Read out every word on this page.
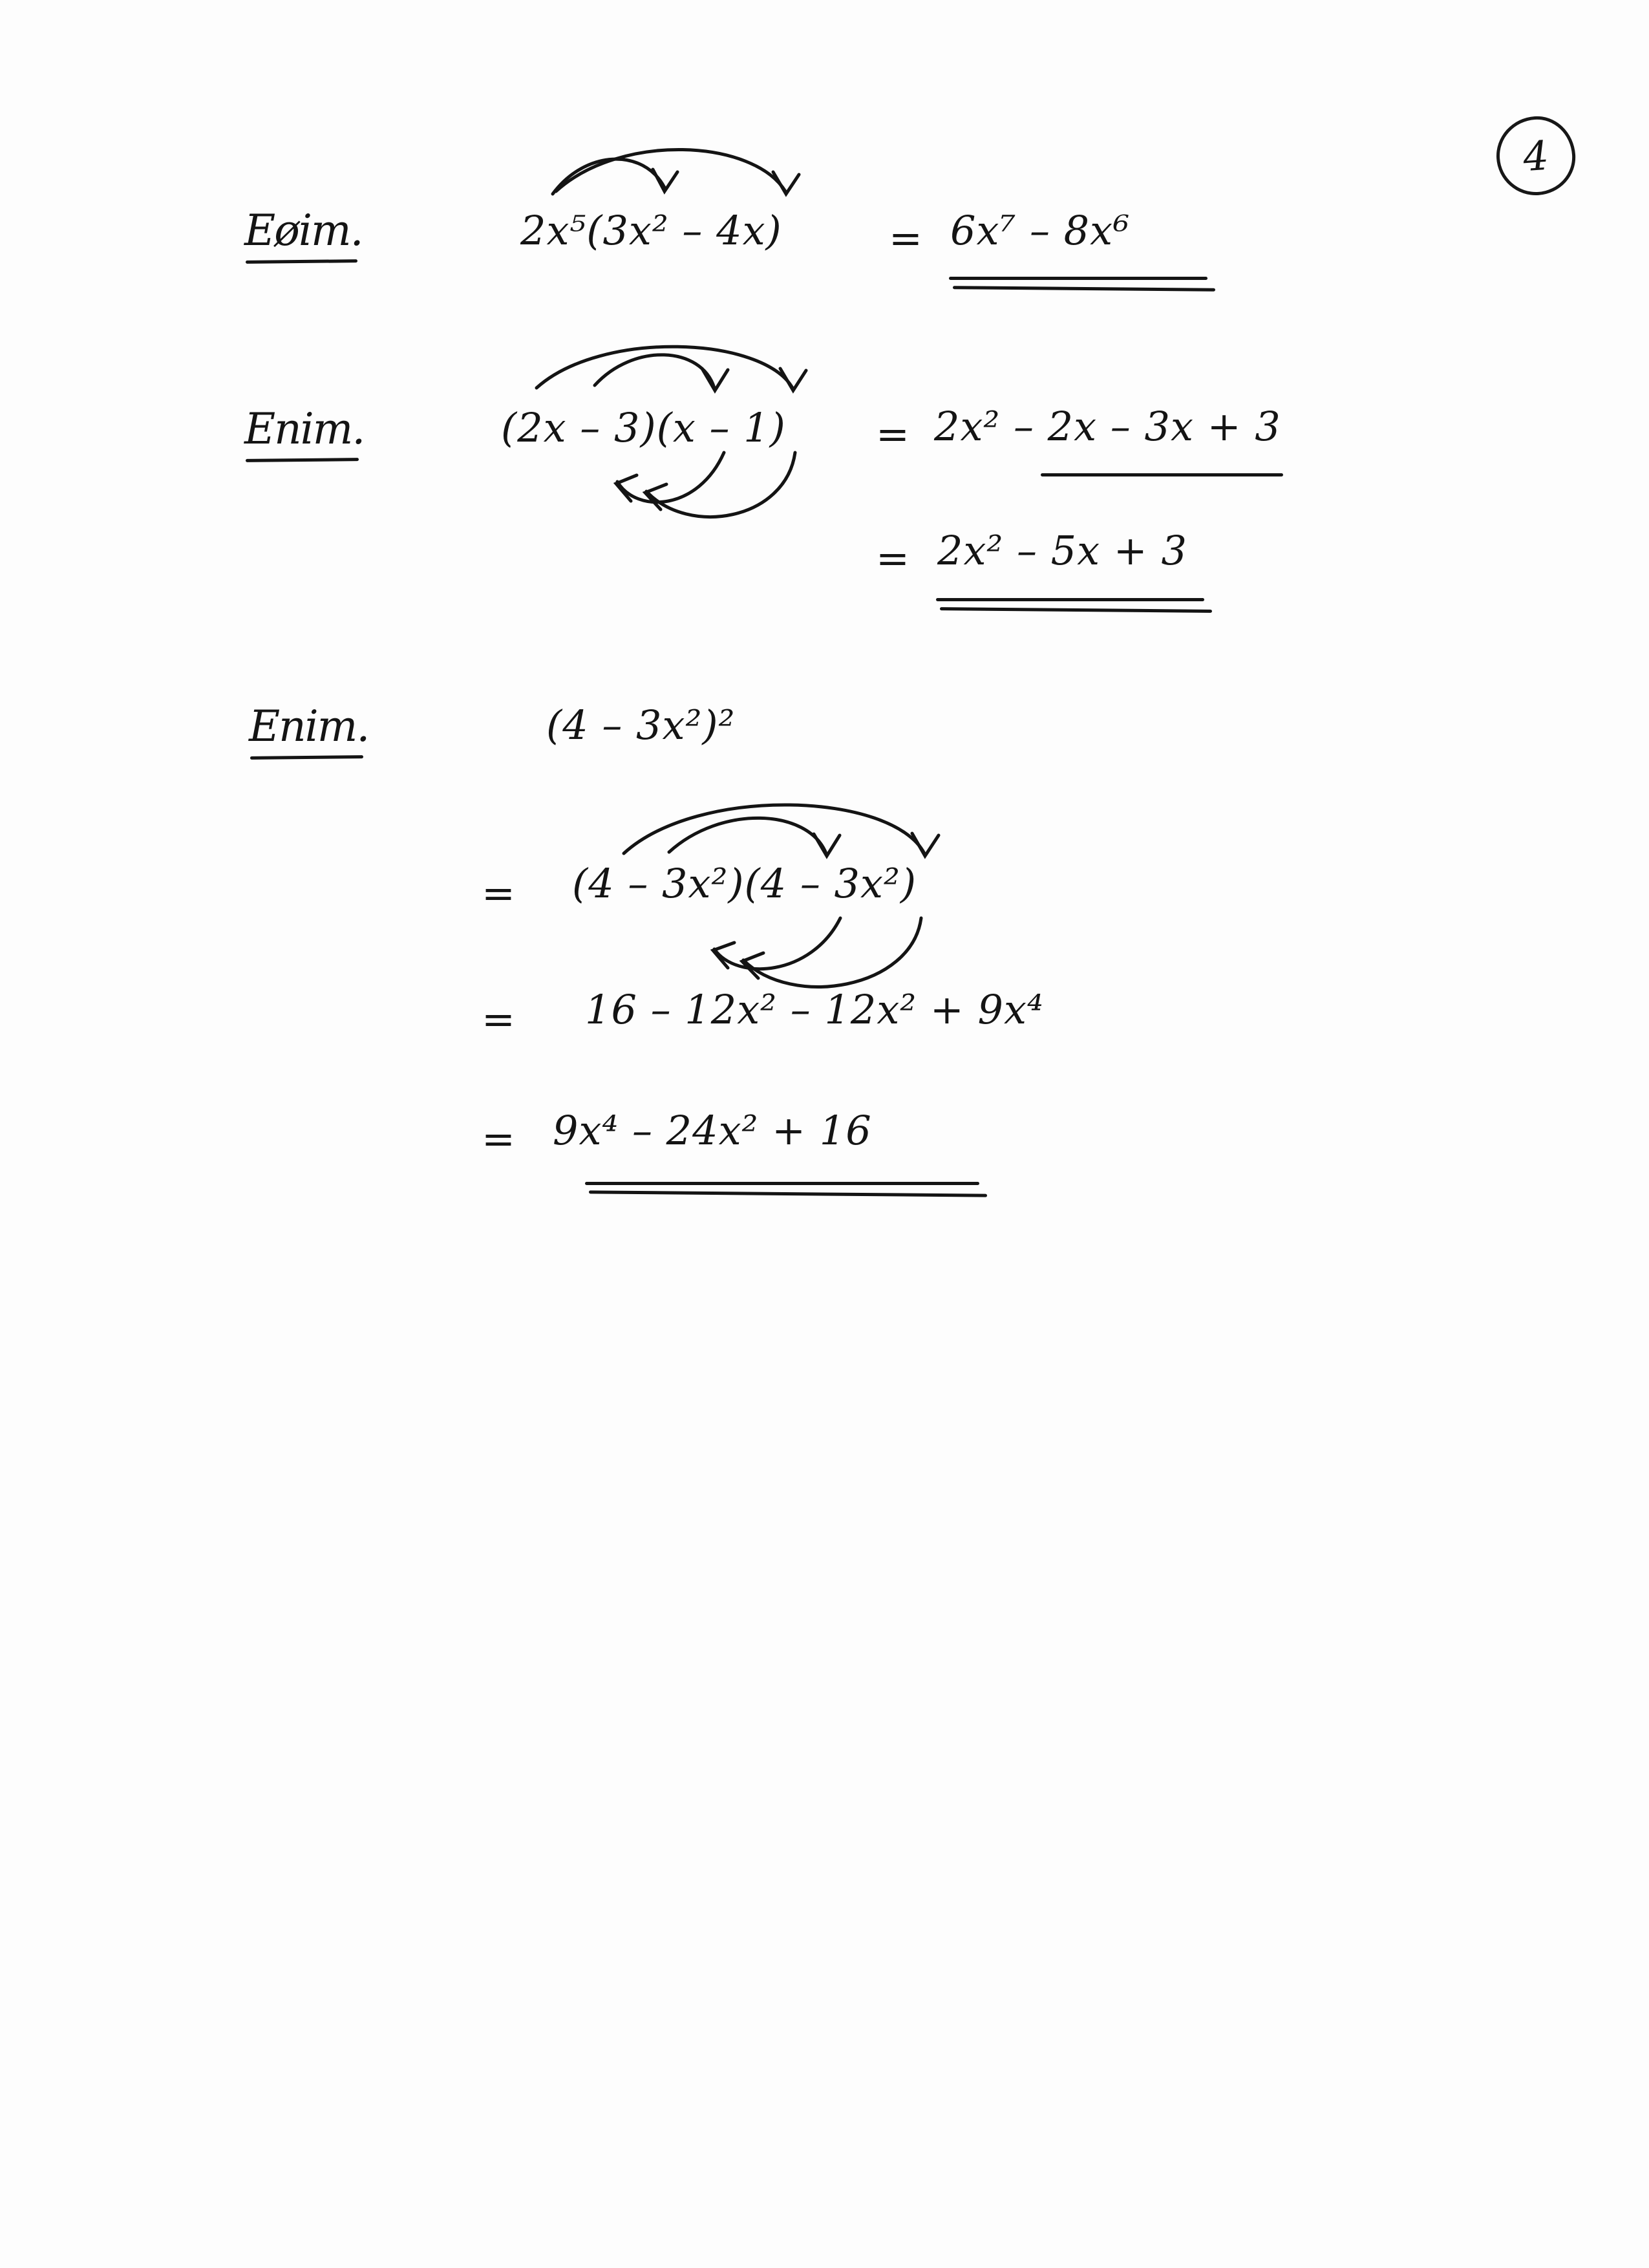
4
Eøim.	2x⁵(3x² – 4x)	= 6x⁷ – 8x⁶
Enim.	(2x – 3)(x – 1) = 2x² – 2x – 3x + 3
= 2x² – 5x + 3
Enim.	(4 – 3x²)²
= (4 – 3x²)(4 – 3x²)
= 16 – 12x² – 12x² + 9x⁴
= 9x⁴ – 24x² + 16
